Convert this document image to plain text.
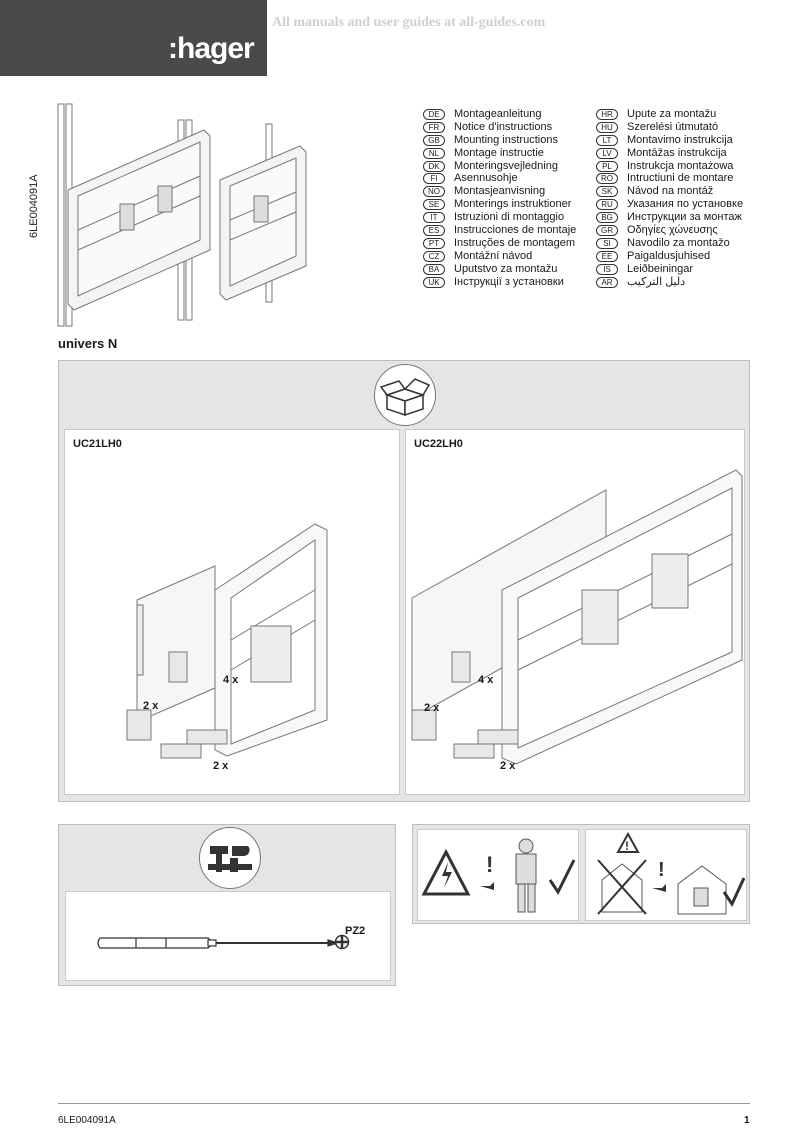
:hager
All manuals and user guides at all-guides.com
6LE004091A
DE	Montageanleitung
FR	Notice d'instructions
GB	Mounting instructions
NL	Montage instructie
DK	Monteringsvejledning
FI	Asennusohje
NO	Montasjeanvisning
SE	Monterings instruktioner
IT	Istruzioni di montaggio
ES	Instrucciones de montaje
PT	Instruções de montagem
CZ	Montážní návod
BA	Uputstvo za montažu
UK	Інструкції з установки
HR	Upute za montažu
HU	Szerelési útmutató
LT	Montavimo instrukcija
LV	Montāžas instrukcija
PL	Instrukcja montażowa
RO	Intructiuni de montare
SK	Návod na montáž
RU	Указания по установке
BG	Инструкции за монтаж
GR	Οδηγίες χώνευσης
SI	Navodilo za montažo
EE	Paigaldusjuhised
IS	Leiðbeiningar
AR	دليل التركيب
univers N
UC21LH0
4 x
2 x
2 x
UC22LH0
4 x
2 x
2 x
PZ2
!
!
!
6LE004091A	1
